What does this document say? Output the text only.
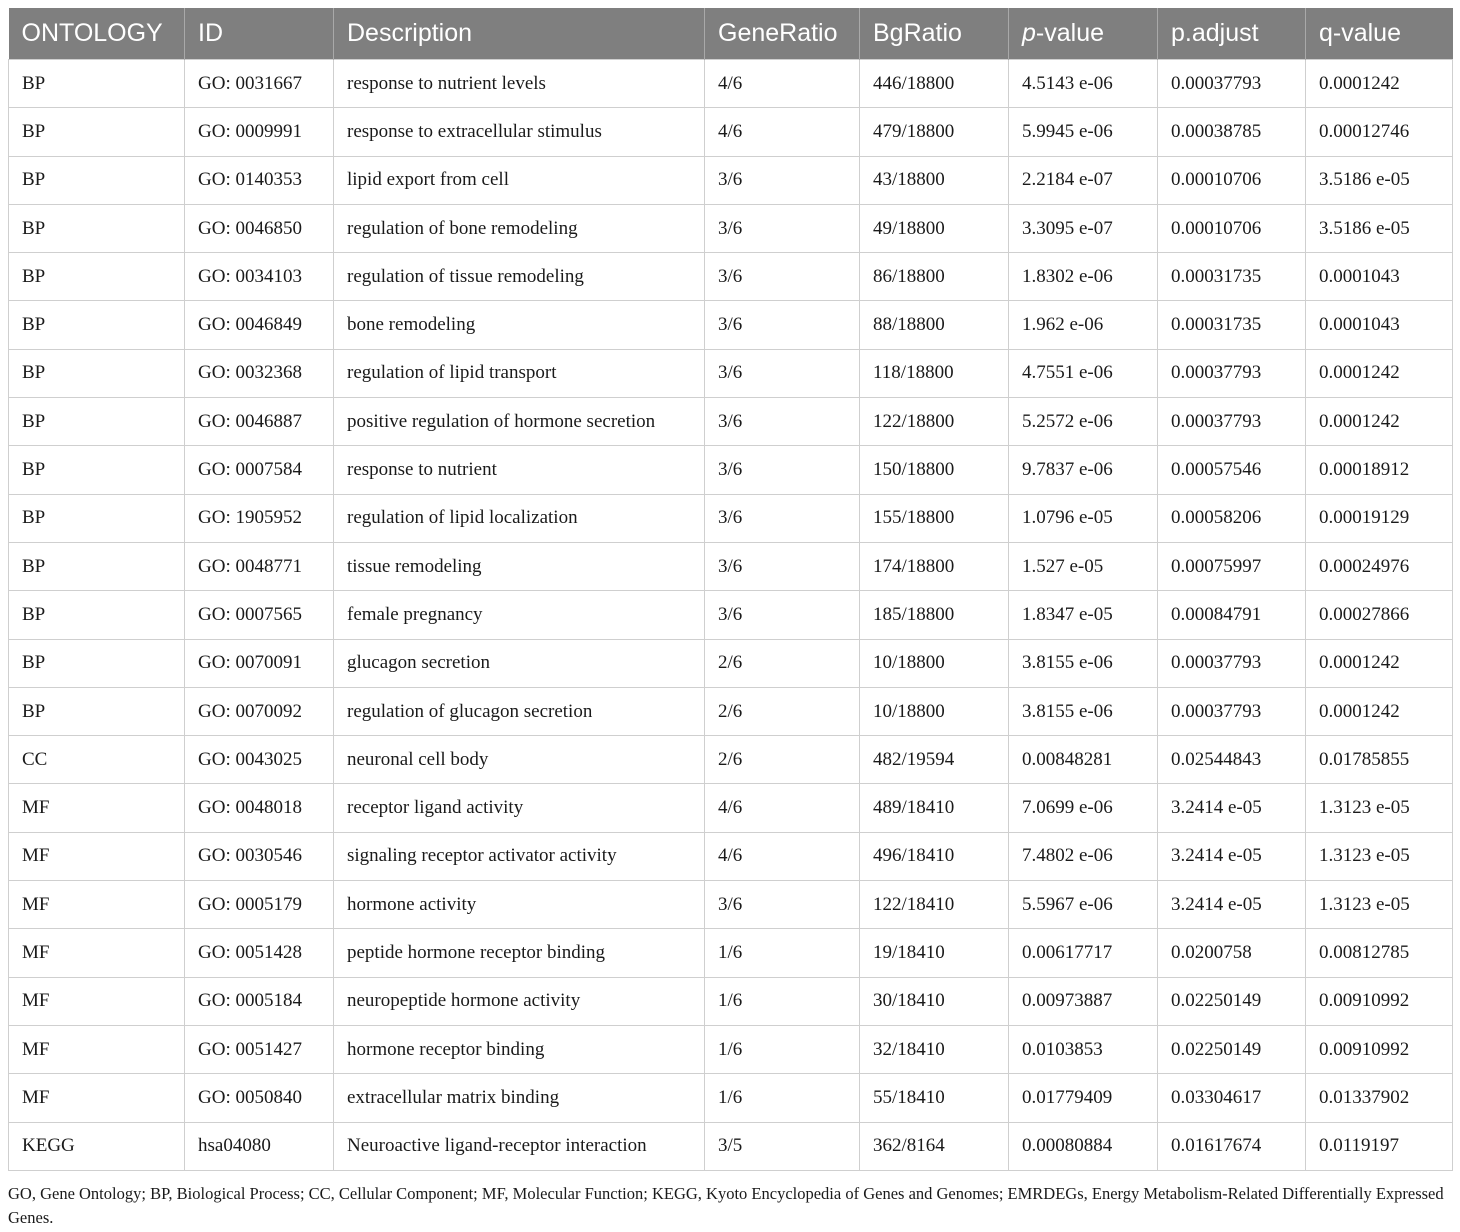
ONTOLOGY	ID	Description	GeneRatio	BgRatio	p-value	p.adjust	q-value
BP	GO: 0031667	response to nutrient levels	4/6	446/18800	4.5143 e-06	0.00037793	0.0001242
BP	GO: 0009991	response to extracellular stimulus	4/6	479/18800	5.9945 e-06	0.00038785	0.00012746
BP	GO: 0140353	lipid export from cell	3/6	43/18800	2.2184 e-07	0.00010706	3.5186 e-05
BP	GO: 0046850	regulation of bone remodeling	3/6	49/18800	3.3095 e-07	0.00010706	3.5186 e-05
BP	GO: 0034103	regulation of tissue remodeling	3/6	86/18800	1.8302 e-06	0.00031735	0.0001043
BP	GO: 0046849	bone remodeling	3/6	88/18800	1.962 e-06	0.00031735	0.0001043
BP	GO: 0032368	regulation of lipid transport	3/6	118/18800	4.7551 e-06	0.00037793	0.0001242
BP	GO: 0046887	positive regulation of hormone secretion	3/6	122/18800	5.2572 e-06	0.00037793	0.0001242
BP	GO: 0007584	response to nutrient	3/6	150/18800	9.7837 e-06	0.00057546	0.00018912
BP	GO: 1905952	regulation of lipid localization	3/6	155/18800	1.0796 e-05	0.00058206	0.00019129
BP	GO: 0048771	tissue remodeling	3/6	174/18800	1.527 e-05	0.00075997	0.00024976
BP	GO: 0007565	female pregnancy	3/6	185/18800	1.8347 e-05	0.00084791	0.00027866
BP	GO: 0070091	glucagon secretion	2/6	10/18800	3.8155 e-06	0.00037793	0.0001242
BP	GO: 0070092	regulation of glucagon secretion	2/6	10/18800	3.8155 e-06	0.00037793	0.0001242
CC	GO: 0043025	neuronal cell body	2/6	482/19594	0.00848281	0.02544843	0.01785855
MF	GO: 0048018	receptor ligand activity	4/6	489/18410	7.0699 e-06	3.2414 e-05	1.3123 e-05
MF	GO: 0030546	signaling receptor activator activity	4/6	496/18410	7.4802 e-06	3.2414 e-05	1.3123 e-05
MF	GO: 0005179	hormone activity	3/6	122/18410	5.5967 e-06	3.2414 e-05	1.3123 e-05
MF	GO: 0051428	peptide hormone receptor binding	1/6	19/18410	0.00617717	0.0200758	0.00812785
MF	GO: 0005184	neuropeptide hormone activity	1/6	30/18410	0.00973887	0.02250149	0.00910992
MF	GO: 0051427	hormone receptor binding	1/6	32/18410	0.0103853	0.02250149	0.00910992
MF	GO: 0050840	extracellular matrix binding	1/6	55/18410	0.01779409	0.03304617	0.01337902
KEGG	hsa04080	Neuroactive ligand-receptor interaction	3/5	362/8164	0.00080884	0.01617674	0.0119197
GO, Gene Ontology; BP, Biological Process; CC, Cellular Component; MF, Molecular Function; KEGG, Kyoto Encyclopedia of Genes and Genomes; EMRDEGs, Energy Metabolism-Related Differentially Expressed Genes.
